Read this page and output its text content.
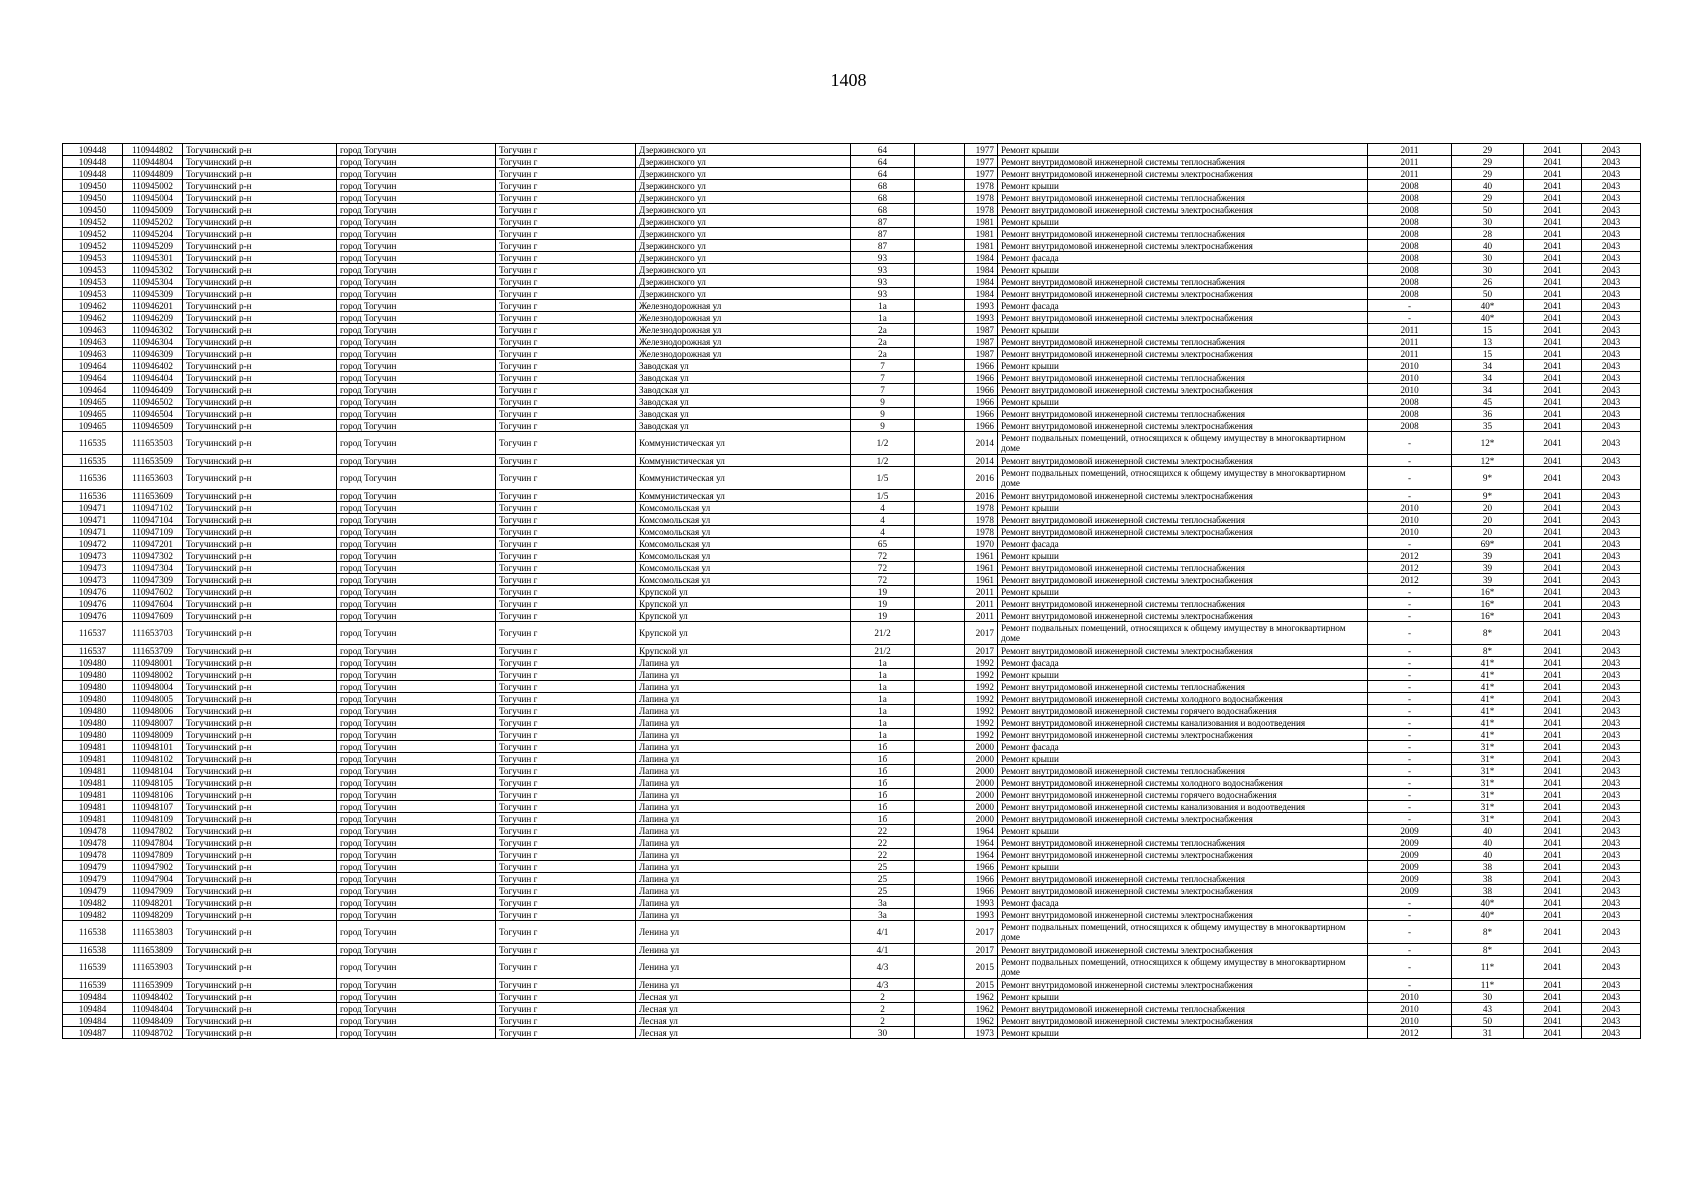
1408
109448	110944802	Тогучинский р-н	город Тогучин	Тогучин г	Дзержинского ул	64		1977	Ремонт крыши	2011	29	2041	2043
109448	110944804	Тогучинский р-н	город Тогучин	Тогучин г	Дзержинского ул	64		1977	Ремонт внутридомовой инженерной системы теплоснабжения	2011	29	2041	2043
109448	110944809	Тогучинский р-н	город Тогучин	Тогучин г	Дзержинского ул	64		1977	Ремонт внутридомовой инженерной системы электроснабжения	2011	29	2041	2043
109450	110945002	Тогучинский р-н	город Тогучин	Тогучин г	Дзержинского ул	68		1978	Ремонт крыши	2008	40	2041	2043
109450	110945004	Тогучинский р-н	город Тогучин	Тогучин г	Дзержинского ул	68		1978	Ремонт внутридомовой инженерной системы теплоснабжения	2008	29	2041	2043
109450	110945009	Тогучинский р-н	город Тогучин	Тогучин г	Дзержинского ул	68		1978	Ремонт внутридомовой инженерной системы электроснабжения	2008	50	2041	2043
109452	110945202	Тогучинский р-н	город Тогучин	Тогучин г	Дзержинского ул	87		1981	Ремонт крыши	2008	30	2041	2043
109452	110945204	Тогучинский р-н	город Тогучин	Тогучин г	Дзержинского ул	87		1981	Ремонт внутридомовой инженерной системы теплоснабжения	2008	28	2041	2043
109452	110945209	Тогучинский р-н	город Тогучин	Тогучин г	Дзержинского ул	87		1981	Ремонт внутридомовой инженерной системы электроснабжения	2008	40	2041	2043
109453	110945301	Тогучинский р-н	город Тогучин	Тогучин г	Дзержинского ул	93		1984	Ремонт фасада	2008	30	2041	2043
109453	110945302	Тогучинский р-н	город Тогучин	Тогучин г	Дзержинского ул	93		1984	Ремонт крыши	2008	30	2041	2043
109453	110945304	Тогучинский р-н	город Тогучин	Тогучин г	Дзержинского ул	93		1984	Ремонт внутридомовой инженерной системы теплоснабжения	2008	26	2041	2043
109453	110945309	Тогучинский р-н	город Тогучин	Тогучин г	Дзержинского ул	93		1984	Ремонт внутридомовой инженерной системы электроснабжения	2008	50	2041	2043
109462	110946201	Тогучинский р-н	город Тогучин	Тогучин г	Железнодорожная ул	1а		1993	Ремонт фасада	-	40*	2041	2043
109462	110946209	Тогучинский р-н	город Тогучин	Тогучин г	Железнодорожная ул	1а		1993	Ремонт внутридомовой инженерной системы электроснабжения	-	40*	2041	2043
109463	110946302	Тогучинский р-н	город Тогучин	Тогучин г	Железнодорожная ул	2а		1987	Ремонт крыши	2011	15	2041	2043
109463	110946304	Тогучинский р-н	город Тогучин	Тогучин г	Железнодорожная ул	2а		1987	Ремонт внутридомовой инженерной системы теплоснабжения	2011	13	2041	2043
109463	110946309	Тогучинский р-н	город Тогучин	Тогучин г	Железнодорожная ул	2а		1987	Ремонт внутридомовой инженерной системы электроснабжения	2011	15	2041	2043
109464	110946402	Тогучинский р-н	город Тогучин	Тогучин г	Заводская ул	7		1966	Ремонт крыши	2010	34	2041	2043
109464	110946404	Тогучинский р-н	город Тогучин	Тогучин г	Заводская ул	7		1966	Ремонт внутридомовой инженерной системы теплоснабжения	2010	34	2041	2043
109464	110946409	Тогучинский р-н	город Тогучин	Тогучин г	Заводская ул	7		1966	Ремонт внутридомовой инженерной системы электроснабжения	2010	34	2041	2043
109465	110946502	Тогучинский р-н	город Тогучин	Тогучин г	Заводская ул	9		1966	Ремонт крыши	2008	45	2041	2043
109465	110946504	Тогучинский р-н	город Тогучин	Тогучин г	Заводская ул	9		1966	Ремонт внутридомовой инженерной системы теплоснабжения	2008	36	2041	2043
109465	110946509	Тогучинский р-н	город Тогучин	Тогучин г	Заводская ул	9		1966	Ремонт внутридомовой инженерной системы электроснабжения	2008	35	2041	2043
116535	111653503	Тогучинский р-н	город Тогучин	Тогучин г	Коммунистическая ул	1/2		2014	Ремонт подвальных помещений, относящихся к общему имуществу в многоквартирном доме	-	12*	2041	2043
116535	111653509	Тогучинский р-н	город Тогучин	Тогучин г	Коммунистическая ул	1/2		2014	Ремонт внутридомовой инженерной системы электроснабжения	-	12*	2041	2043
116536	111653603	Тогучинский р-н	город Тогучин	Тогучин г	Коммунистическая ул	1/5		2016	Ремонт подвальных помещений, относящихся к общему имуществу в многоквартирном доме	-	9*	2041	2043
116536	111653609	Тогучинский р-н	город Тогучин	Тогучин г	Коммунистическая ул	1/5		2016	Ремонт внутридомовой инженерной системы электроснабжения	-	9*	2041	2043
109471	110947102	Тогучинский р-н	город Тогучин	Тогучин г	Комсомольская ул	4		1978	Ремонт крыши	2010	20	2041	2043
109471	110947104	Тогучинский р-н	город Тогучин	Тогучин г	Комсомольская ул	4		1978	Ремонт внутридомовой инженерной системы теплоснабжения	2010	20	2041	2043
109471	110947109	Тогучинский р-н	город Тогучин	Тогучин г	Комсомольская ул	4		1978	Ремонт внутридомовой инженерной системы электроснабжения	2010	20	2041	2043
109472	110947201	Тогучинский р-н	город Тогучин	Тогучин г	Комсомольская ул	65		1970	Ремонт фасада	-	69*	2041	2043
109473	110947302	Тогучинский р-н	город Тогучин	Тогучин г	Комсомольская ул	72		1961	Ремонт крыши	2012	39	2041	2043
109473	110947304	Тогучинский р-н	город Тогучин	Тогучин г	Комсомольская ул	72		1961	Ремонт внутридомовой инженерной системы теплоснабжения	2012	39	2041	2043
109473	110947309	Тогучинский р-н	город Тогучин	Тогучин г	Комсомольская ул	72		1961	Ремонт внутридомовой инженерной системы электроснабжения	2012	39	2041	2043
109476	110947602	Тогучинский р-н	город Тогучин	Тогучин г	Крупской ул	19		2011	Ремонт крыши	-	16*	2041	2043
109476	110947604	Тогучинский р-н	город Тогучин	Тогучин г	Крупской ул	19		2011	Ремонт внутридомовой инженерной системы теплоснабжения	-	16*	2041	2043
109476	110947609	Тогучинский р-н	город Тогучин	Тогучин г	Крупской ул	19		2011	Ремонт внутридомовой инженерной системы электроснабжения	-	16*	2041	2043
116537	111653703	Тогучинский р-н	город Тогучин	Тогучин г	Крупской ул	21/2		2017	Ремонт подвальных помещений, относящихся к общему имуществу в многоквартирном доме	-	8*	2041	2043
116537	111653709	Тогучинский р-н	город Тогучин	Тогучин г	Крупской ул	21/2		2017	Ремонт внутридомовой инженерной системы электроснабжения	-	8*	2041	2043
109480	110948001	Тогучинский р-н	город Тогучин	Тогучин г	Лапина ул	1а		1992	Ремонт фасада	-	41*	2041	2043
109480	110948002	Тогучинский р-н	город Тогучин	Тогучин г	Лапина ул	1а		1992	Ремонт крыши	-	41*	2041	2043
109480	110948004	Тогучинский р-н	город Тогучин	Тогучин г	Лапина ул	1а		1992	Ремонт внутридомовой инженерной системы теплоснабжения	-	41*	2041	2043
109480	110948005	Тогучинский р-н	город Тогучин	Тогучин г	Лапина ул	1а		1992	Ремонт внутридомовой инженерной системы холодного водоснабжения	-	41*	2041	2043
109480	110948006	Тогучинский р-н	город Тогучин	Тогучин г	Лапина ул	1а		1992	Ремонт внутридомовой инженерной системы горячего водоснабжения	-	41*	2041	2043
109480	110948007	Тогучинский р-н	город Тогучин	Тогучин г	Лапина ул	1а		1992	Ремонт внутридомовой инженерной системы канализования и водоотведения	-	41*	2041	2043
109480	110948009	Тогучинский р-н	город Тогучин	Тогучин г	Лапина ул	1а		1992	Ремонт внутридомовой инженерной системы электроснабжения	-	41*	2041	2043
109481	110948101	Тогучинский р-н	город Тогучин	Тогучин г	Лапина ул	1б		2000	Ремонт фасада	-	31*	2041	2043
109481	110948102	Тогучинский р-н	город Тогучин	Тогучин г	Лапина ул	1б		2000	Ремонт крыши	-	31*	2041	2043
109481	110948104	Тогучинский р-н	город Тогучин	Тогучин г	Лапина ул	1б		2000	Ремонт внутридомовой инженерной системы теплоснабжения	-	31*	2041	2043
109481	110948105	Тогучинский р-н	город Тогучин	Тогучин г	Лапина ул	1б		2000	Ремонт внутридомовой инженерной системы холодного водоснабжения	-	31*	2041	2043
109481	110948106	Тогучинский р-н	город Тогучин	Тогучин г	Лапина ул	1б		2000	Ремонт внутридомовой инженерной системы горячего водоснабжения	-	31*	2041	2043
109481	110948107	Тогучинский р-н	город Тогучин	Тогучин г	Лапина ул	1б		2000	Ремонт внутридомовой инженерной системы канализования и водоотведения	-	31*	2041	2043
109481	110948109	Тогучинский р-н	город Тогучин	Тогучин г	Лапина ул	1б		2000	Ремонт внутридомовой инженерной системы электроснабжения	-	31*	2041	2043
109478	110947802	Тогучинский р-н	город Тогучин	Тогучин г	Лапина ул	22		1964	Ремонт крыши	2009	40	2041	2043
109478	110947804	Тогучинский р-н	город Тогучин	Тогучин г	Лапина ул	22		1964	Ремонт внутридомовой инженерной системы теплоснабжения	2009	40	2041	2043
109478	110947809	Тогучинский р-н	город Тогучин	Тогучин г	Лапина ул	22		1964	Ремонт внутридомовой инженерной системы электроснабжения	2009	40	2041	2043
109479	110947902	Тогучинский р-н	город Тогучин	Тогучин г	Лапина ул	25		1966	Ремонт крыши	2009	38	2041	2043
109479	110947904	Тогучинский р-н	город Тогучин	Тогучин г	Лапина ул	25		1966	Ремонт внутридомовой инженерной системы теплоснабжения	2009	38	2041	2043
109479	110947909	Тогучинский р-н	город Тогучин	Тогучин г	Лапина ул	25		1966	Ремонт внутридомовой инженерной системы электроснабжения	2009	38	2041	2043
109482	110948201	Тогучинский р-н	город Тогучин	Тогучин г	Лапина ул	3а		1993	Ремонт фасада	-	40*	2041	2043
109482	110948209	Тогучинский р-н	город Тогучин	Тогучин г	Лапина ул	3а		1993	Ремонт внутридомовой инженерной системы электроснабжения	-	40*	2041	2043
116538	111653803	Тогучинский р-н	город Тогучин	Тогучин г	Ленина ул	4/1		2017	Ремонт подвальных помещений, относящихся к общему имуществу в многоквартирном доме	-	8*	2041	2043
116538	111653809	Тогучинский р-н	город Тогучин	Тогучин г	Ленина ул	4/1		2017	Ремонт внутридомовой инженерной системы электроснабжения	-	8*	2041	2043
116539	111653903	Тогучинский р-н	город Тогучин	Тогучин г	Ленина ул	4/3		2015	Ремонт подвальных помещений, относящихся к общему имуществу в многоквартирном доме	-	11*	2041	2043
116539	111653909	Тогучинский р-н	город Тогучин	Тогучин г	Ленина ул	4/3		2015	Ремонт внутридомовой инженерной системы электроснабжения	-	11*	2041	2043
109484	110948402	Тогучинский р-н	город Тогучин	Тогучин г	Лесная ул	2		1962	Ремонт крыши	2010	30	2041	2043
109484	110948404	Тогучинский р-н	город Тогучин	Тогучин г	Лесная ул	2		1962	Ремонт внутридомовой инженерной системы теплоснабжения	2010	43	2041	2043
109484	110948409	Тогучинский р-н	город Тогучин	Тогучин г	Лесная ул	2		1962	Ремонт внутридомовой инженерной системы электроснабжения	2010	50	2041	2043
109487	110948702	Тогучинский р-н	город Тогучин	Тогучин г	Лесная ул	30		1973	Ремонт крыши	2012	31	2041	2043
